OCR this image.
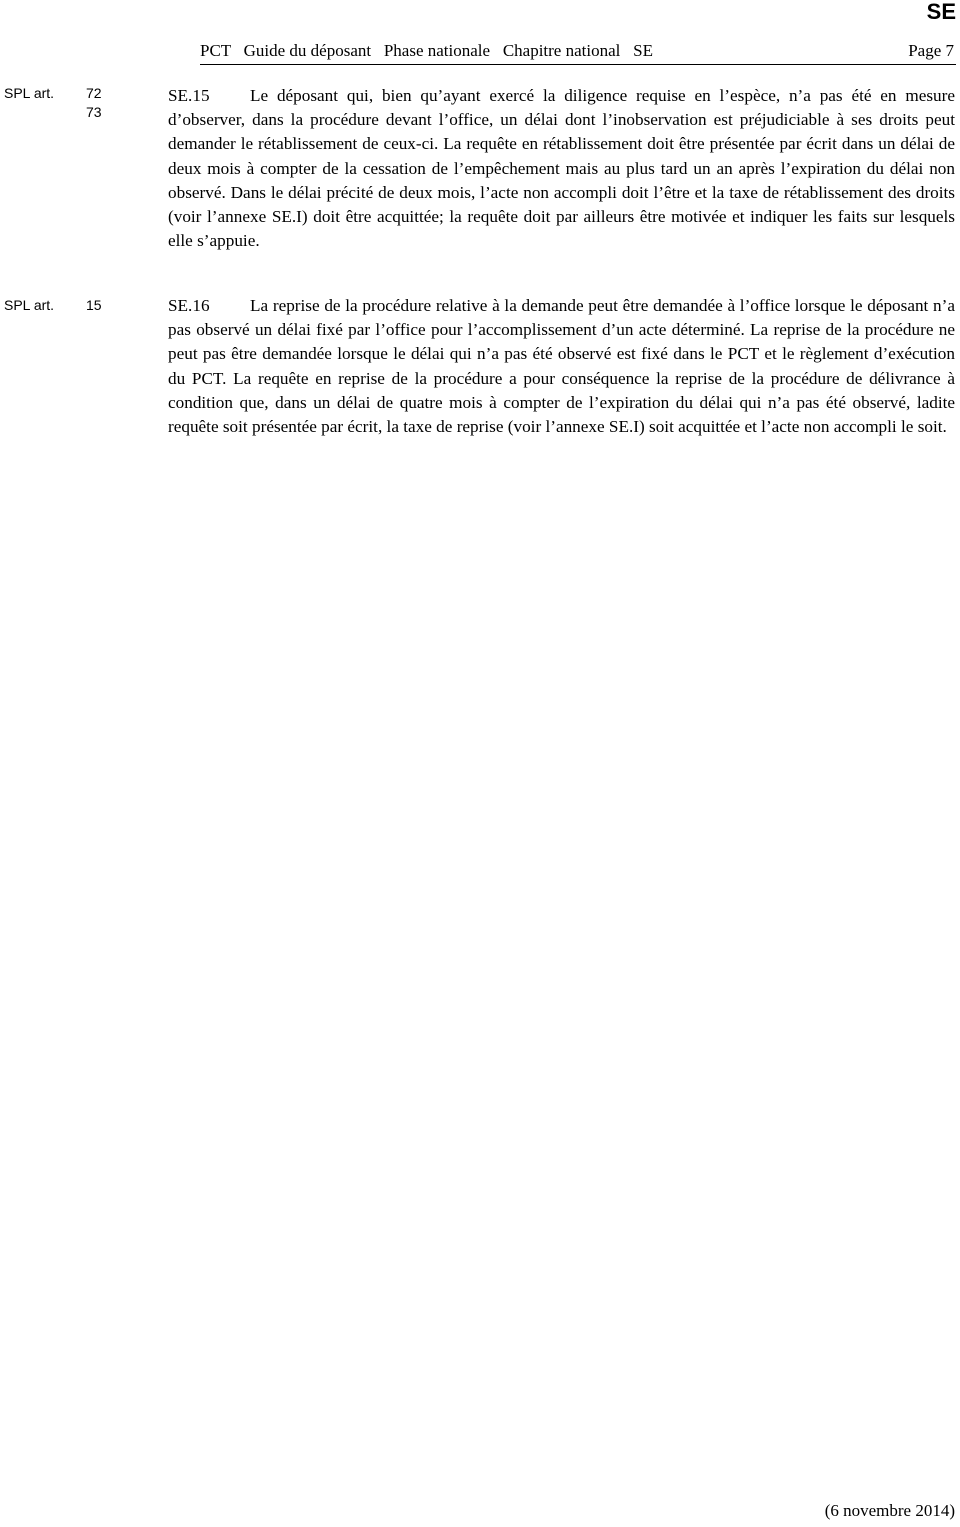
SE
PCT   Guide du déposant   Phase nationale   Chapitre national   SE	Page 7
SPL art. 72
73

SE.15 Le déposant qui, bien qu’ayant exercé la diligence requise en l’espèce, n’a pas été en mesure d’observer, dans la procédure devant l’office, un délai dont l’inobservation est préjudiciable à ses droits peut demander le rétablissement de ceux-ci. La requête en rétablissement doit être présentée par écrit dans un délai de deux mois à compter de la cessation de l’empêchement mais au plus tard un an après l’expiration du délai non observé. Dans le délai précité de deux mois, l’acte non accompli doit l’être et la taxe de rétablissement des droits (voir l’annexe SE.I) doit être acquittée; la requête doit par ailleurs être motivée et indiquer les faits sur lesquels elle s’appuie.

SPL art. 15	SE.16 La reprise de la procédure relative à la demande peut être demandée à l’office lorsque le déposant n’a pas observé un délai fixé par l’office pour l’accomplissement d’un acte déterminé. La reprise de la procédure ne peut pas être demandée lorsque le délai qui n’a pas été observé est fixé dans le PCT et le règlement d’exécution du PCT. La requête en reprise de la procédure a pour conséquence la reprise de la procédure de délivrance à condition que, dans un délai de quatre mois à compter de l’expiration du délai qui n’a pas été observé, ladite requête soit présentée par écrit, la taxe de reprise (voir l’annexe SE.I) soit acquittée et l’acte non accompli le soit.

(6 novembre 2014)
